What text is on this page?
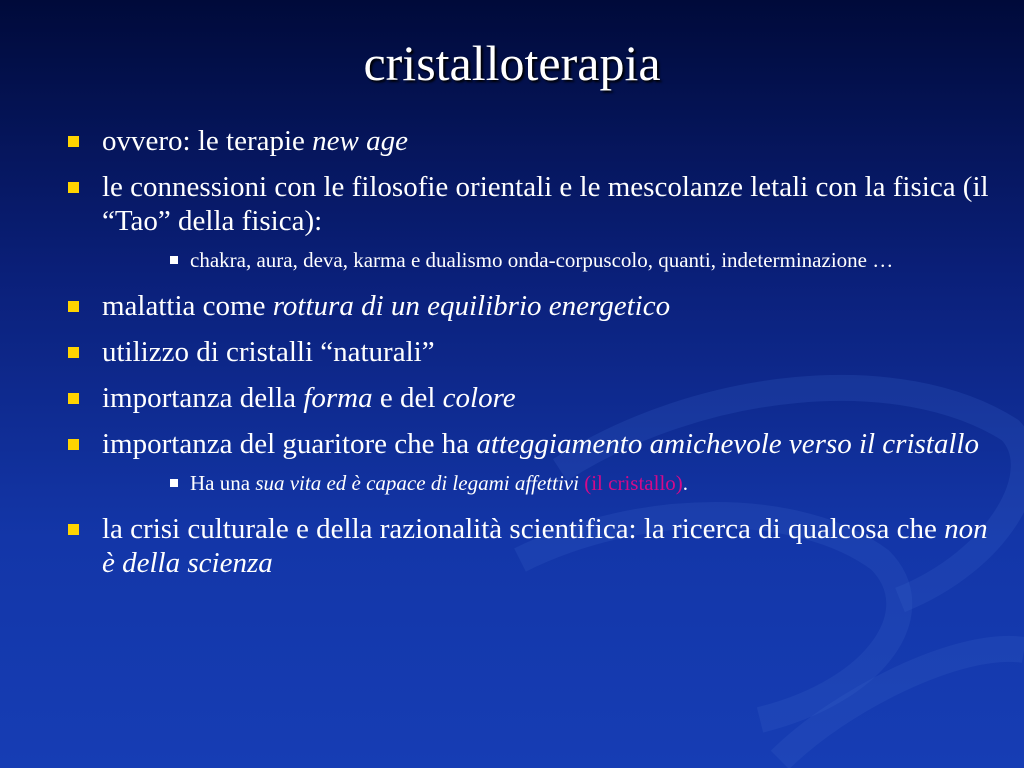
cristalloterapia
ovvero: le terapie new age
le connessioni con le filosofie orientali e le mescolanze letali con la fisica (il “Tao” della fisica):
chakra, aura, deva, karma e dualismo onda-corpuscolo, quanti, indeterminazione …
malattia come rottura di un equilibrio energetico
utilizzo di cristalli “naturali”
importanza della forma e del colore
importanza del guaritore che ha atteggiamento amichevole verso il cristallo
Ha una sua vita ed è capace di legami affettivi (il cristallo).
la crisi culturale e della razionalità scientifica: la ricerca di qualcosa che non è della scienza
